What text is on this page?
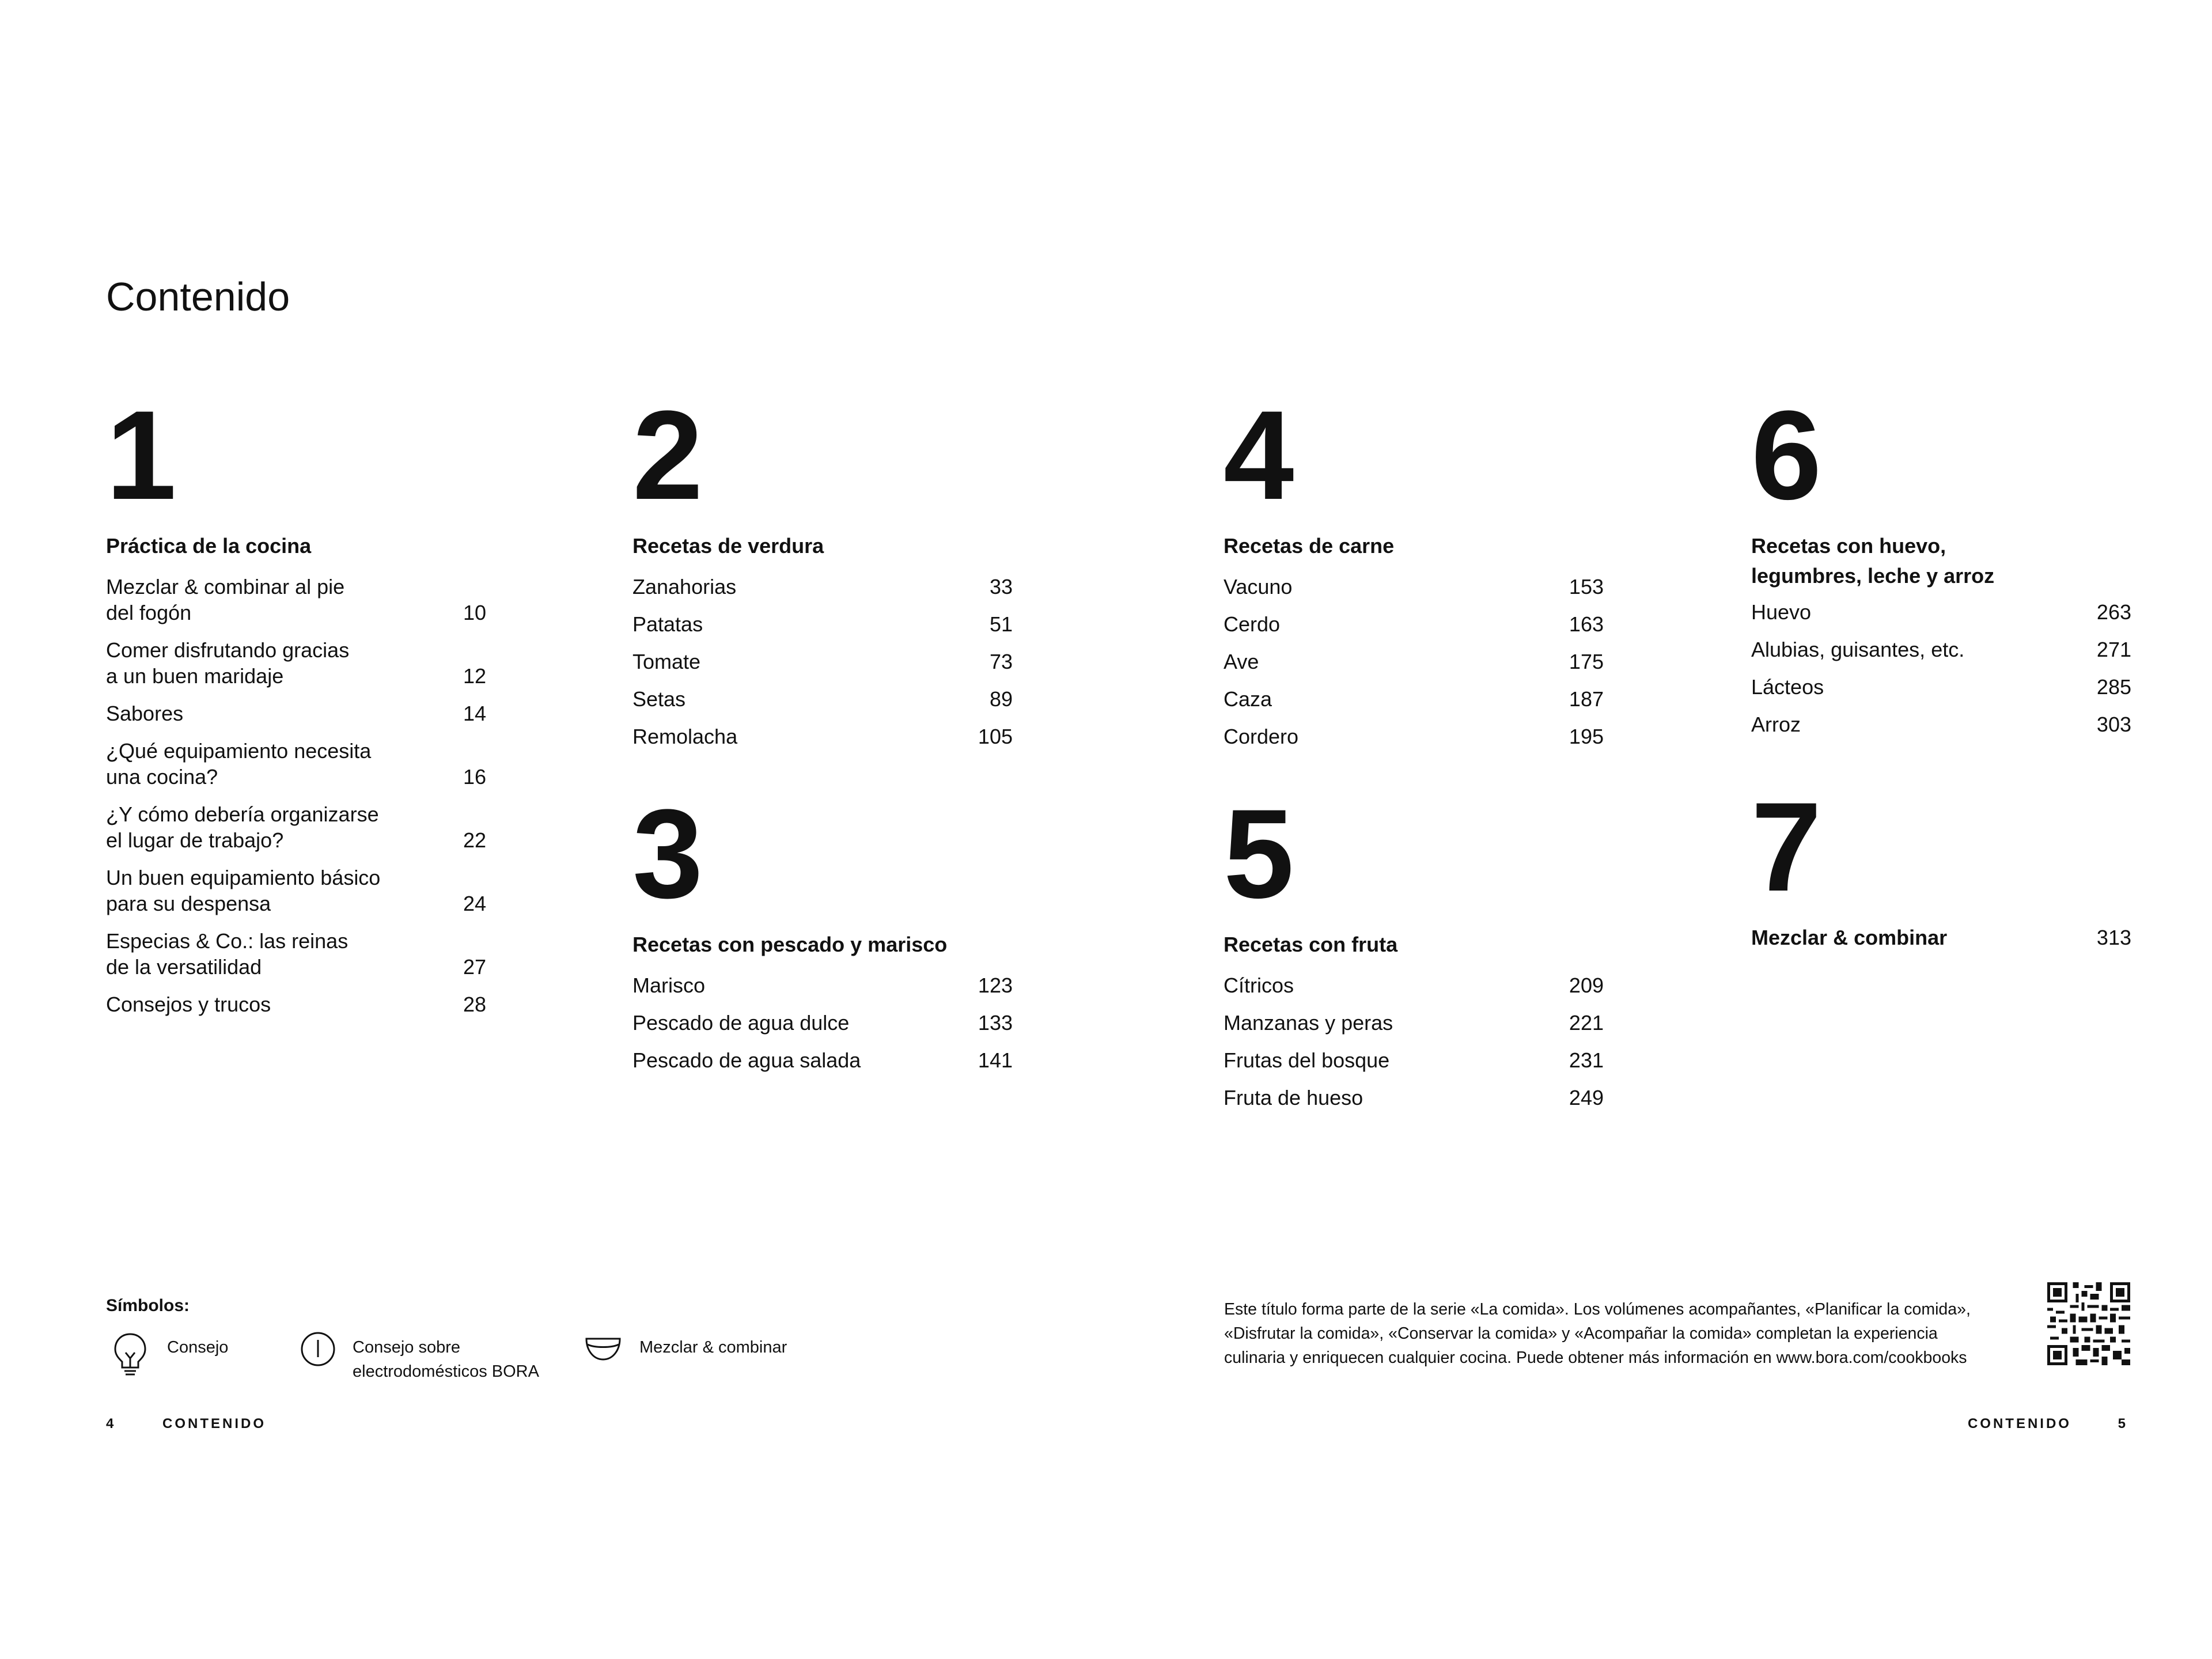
Contenido
1
Práctica de la cocina
Mezclar & combinar al pie
del fogón	10
Comer disfrutando gracias
a un buen maridaje	12
Sabores	14
¿Qué equipamiento necesita
una cocina?	16
¿Y cómo debería organizarse
el lugar de trabajo?	22
Un buen equipamiento básico
para su despensa	24
Especias & Co.: las reinas
de la versatilidad	27
Consejos y trucos	28
2
Recetas de verdura
Zanahorias	33
Patatas	51
Tomate	73
Setas	89
Remolacha	105
3
Recetas con pescado y marisco
Marisco	123
Pescado de agua dulce	133
Pescado de agua salada	141
4
Recetas de carne
Vacuno	153
Cerdo	163
Ave	175
Caza	187
Cordero	195
5
Recetas con fruta
Cítricos	209
Manzanas y peras	221
Frutas del bosque	231
Fruta de hueso	249
6
Recetas con huevo,
legumbres, leche y arroz
Huevo	263
Alubias, guisantes, etc.	271
Lácteos	285
Arroz	303
7
Mezclar & combinar	313
Símbolos:
Consejo	Consejo sobre
electrodomésticos BORA
Mezclar & combinar
Este título forma parte de la serie «La comida». Los volúmenes acompañantes, «Planificar la comida»,
«Disfrutar la comida», «Conservar la comida» y «Acompañar la comida» completan la experiencia
culinaria y enriquecen cualquier cocina. Puede obtener más información en www.bora.com/cookbooks
4	CONTENIDO	CONTENIDO	5
